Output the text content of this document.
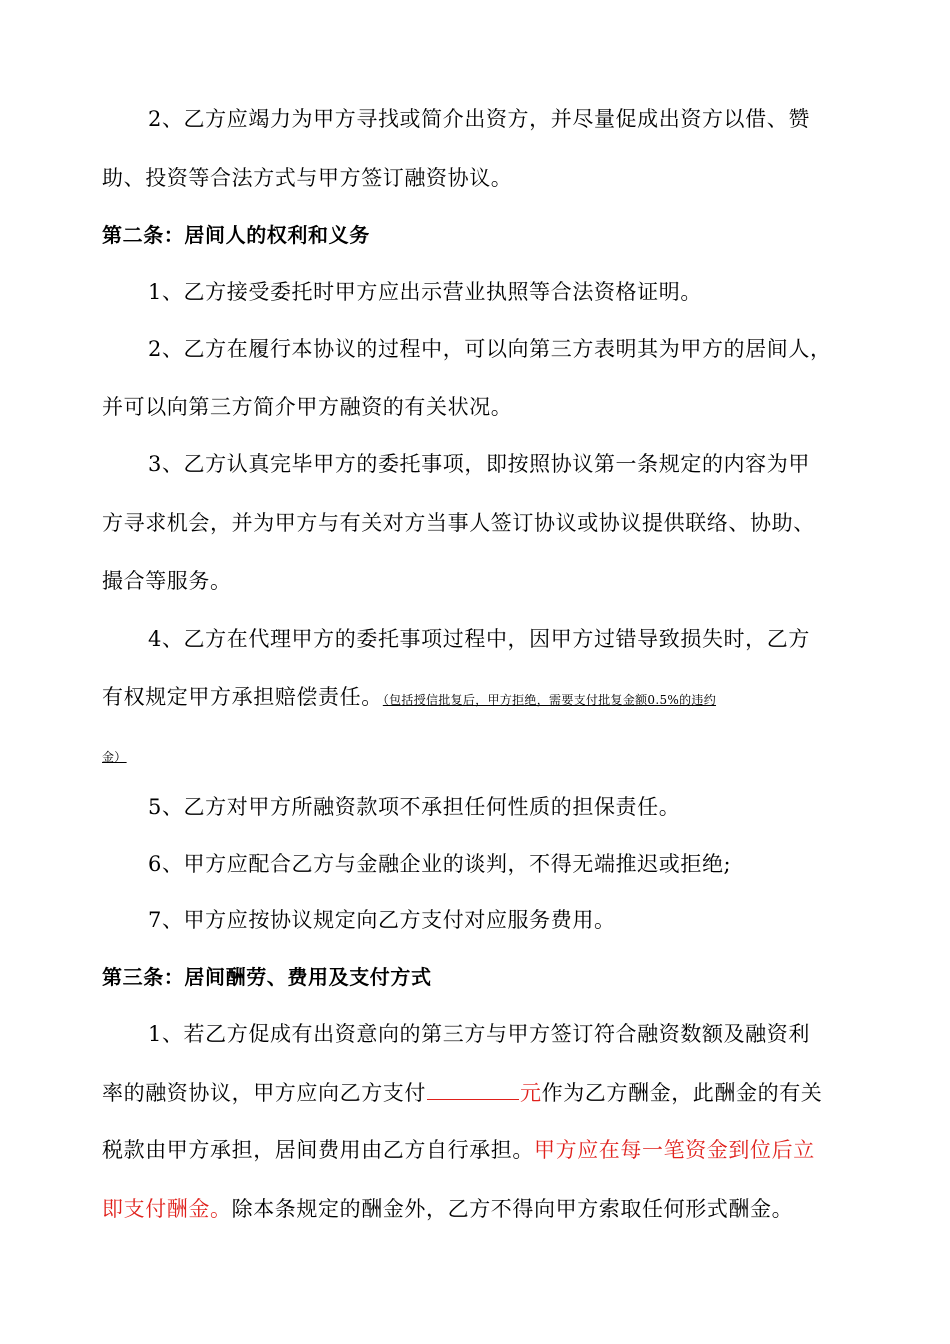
2、乙方应竭力为甲方寻找或简介出资方，并尽量促成出资方以借、赞
助、投资等合法方式与甲方签订融资协议。
第二条：居间人的权利和义务
1、乙方接受委托时甲方应出示营业执照等合法资格证明。
2、乙方在履行本协议的过程中，可以向第三方表明其为甲方的居间人，
并可以向第三方简介甲方融资的有关状况。
3、乙方认真完毕甲方的委托事项，即按照协议第一条规定的内容为甲
方寻求机会，并为甲方与有关对方当事人签订协议或协议提供联络、协助、
撮合等服务。
4、乙方在代理甲方的委托事项过程中，因甲方过错导致损失时，乙方
有权规定甲方承担赔偿责任。（包括授信批复后，甲方拒绝，需要支付批复金额0.5%的违约
金）
5、乙方对甲方所融资款项不承担任何性质的担保责任。
6、甲方应配合乙方与金融企业的谈判，不得无端推迟或拒绝;
7、甲方应按协议规定向乙方支付对应服务费用。
第三条：居间酬劳、费用及支付方式
1、若乙方促成有出资意向的第三方与甲方签订符合融资数额及融资利
率的融资协议，甲方应向乙方支付	元作为乙方酬金，此酬金的有关
税款由甲方承担，居间费用由乙方自行承担。甲方应在每一笔资金到位后立
即支付酬金。除本条规定的酬金外，乙方不得向甲方索取任何形式酬金。
